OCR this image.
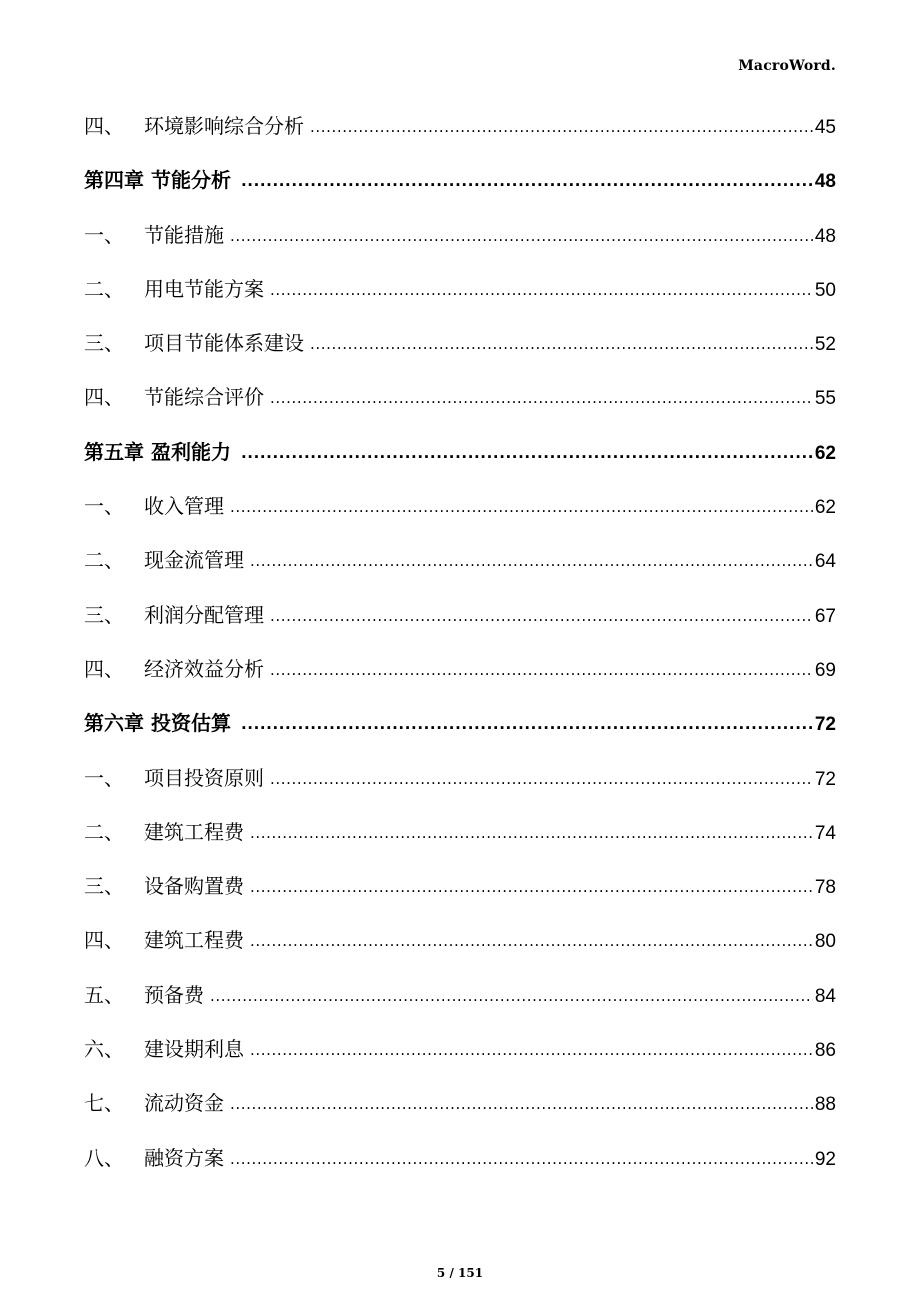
MacroWord.
四、	环境影响综合分析 .....	45
第四章 节能分析 .....	48
一、	节能措施 .....	48
二、	用电节能方案 .....	50
三、	项目节能体系建设 .....	52
四、	节能综合评价 .....	55
第五章 盈利能力 .....	62
一、	收入管理 .....	62
二、	现金流管理 .....	64
三、	利润分配管理 .....	67
四、	经济效益分析 .....	69
第六章 投资估算 .....	72
一、	项目投资原则 .....	72
二、	建筑工程费 .....	74
三、	设备购置费 .....	78
四、	建筑工程费 .....	80
五、	预备费 .....	84
六、	建设期利息 .....	86
七、	流动资金 .....	88
八、	融资方案 .....	92
5 / 151
